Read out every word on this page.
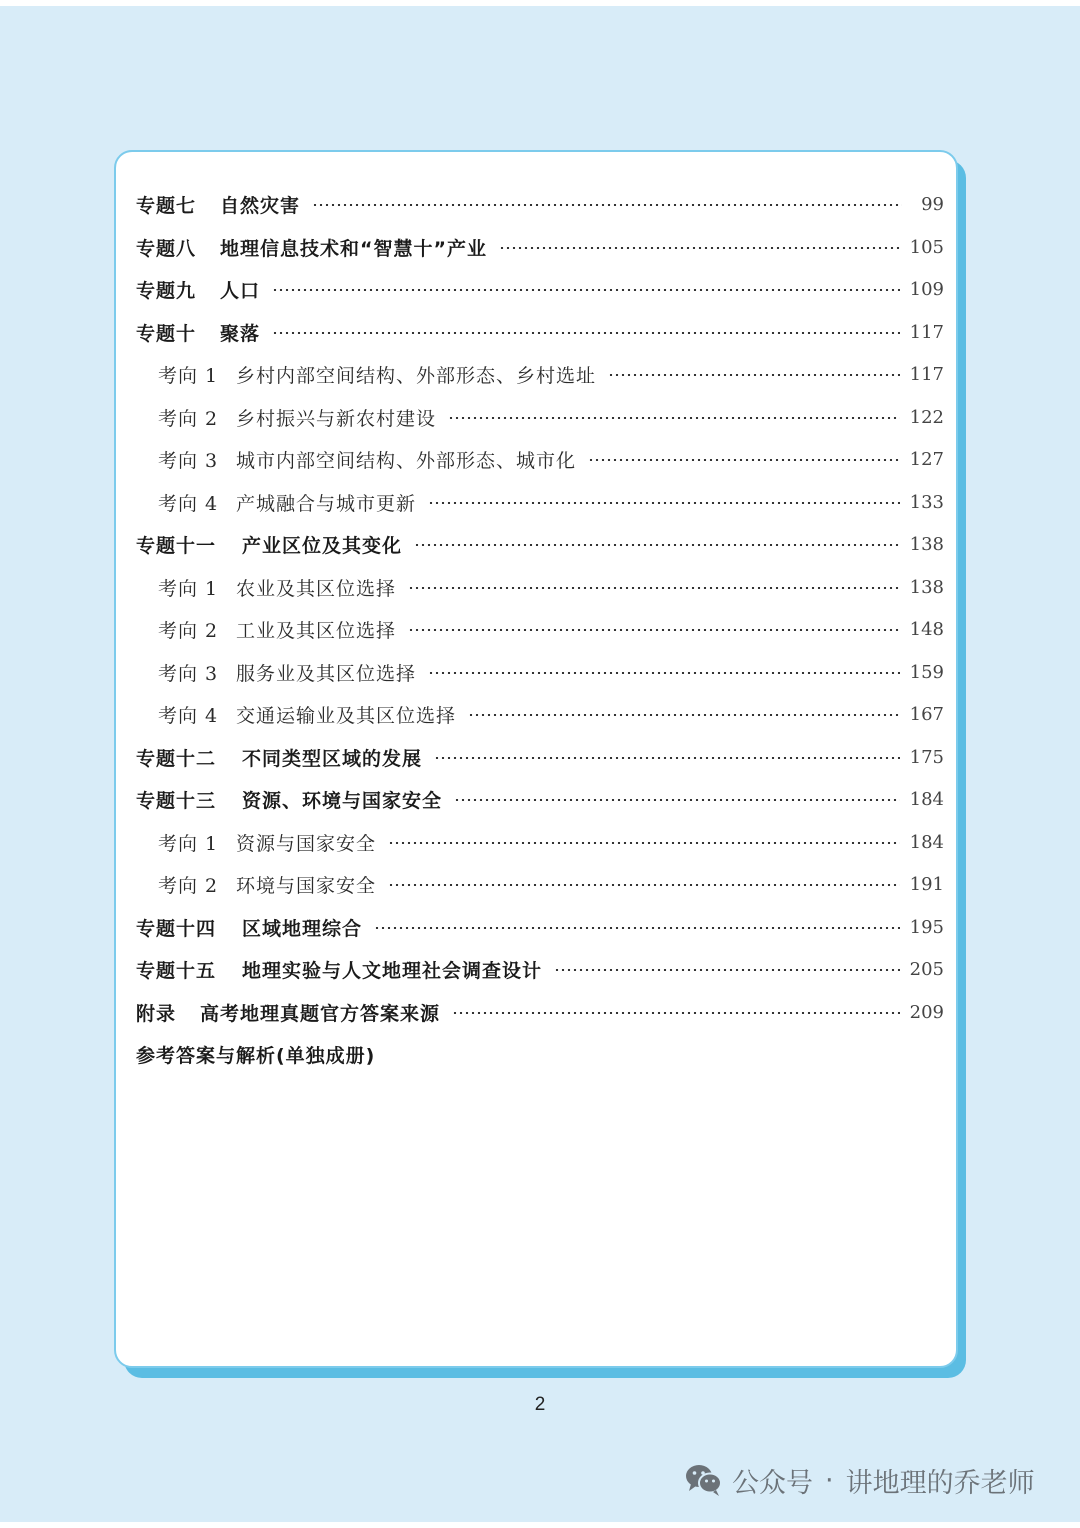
专题七	自然灾害	99
专题八	地理信息技术和“智慧十”产业	105
专题九	人口	109
专题十	聚落	117
考向 1 乡村内部空间结构、外部形态、乡村选址	117
考向 2 乡村振兴与新农村建设	122
考向 3 城市内部空间结构、外部形态、城市化	127
考向 4 产城融合与城市更新	133
专题十一	产业区位及其变化	138
考向 1 农业及其区位选择	138
考向 2 工业及其区位选择	148
考向 3 服务业及其区位选择	159
考向 4 交通运输业及其区位选择	167
专题十二	不同类型区域的发展	175
专题十三	资源、环境与国家安全	184
考向 1 资源与国家安全	184
考向 2 环境与国家安全	191
专题十四	区域地理综合	195
专题十五	地理实验与人文地理社会调查设计	205
附录	高考地理真题官方答案来源	209
参考答案与解析(单独成册)
2
公众号 · 讲地理的乔老师
